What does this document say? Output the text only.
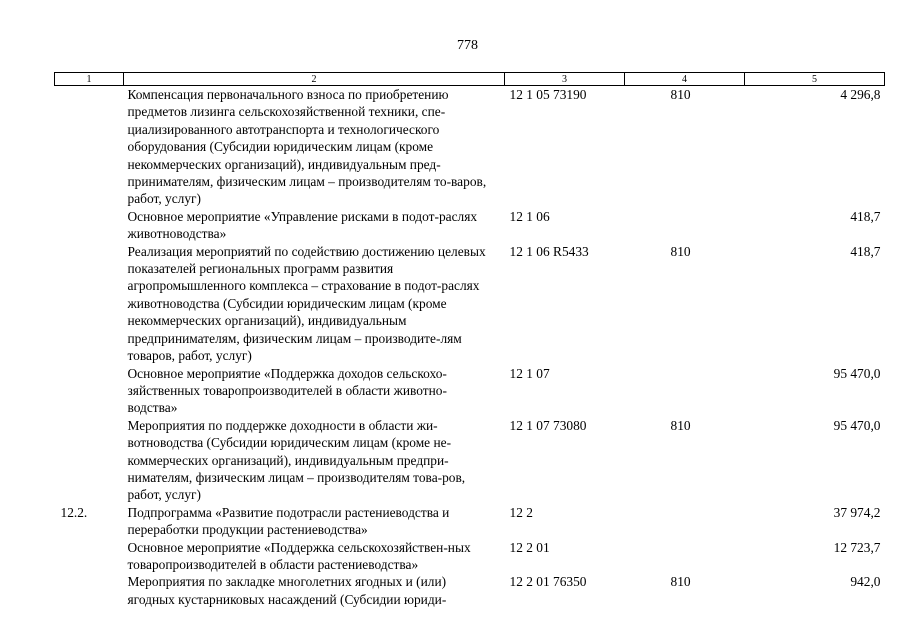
778
1	2	3	4	5
	Компенсация первоначального взноса по приобретению предметов лизинга сельскохозяйственной техники, спе-циализированного автотранспорта и технологического оборудования (Субсидии юридическим лицам (кроме некоммерческих организаций), индивидуальным пред-принимателям, физическим лицам – производителям то-варов, работ, услуг)	12 1 05 73190	810	4 296,8
	Основное мероприятие «Управление рисками в подот-раслях животноводства»	12 1 06		418,7
	Реализация мероприятий по содействию достижению целевых показателей региональных программ развития агропромышленного комплекса – страхование в подот-раслях животноводства (Субсидии юридическим лицам (кроме некоммерческих организаций), индивидуальным предпринимателям, физическим лицам – производите-лям товаров, работ, услуг)	12 1 06 R5433	810	418,7
	Основное мероприятие «Поддержка доходов сельскохо-зяйственных товаропроизводителей в области животно-водства»	12 1 07		95 470,0
	Мероприятия по поддержке доходности в области жи-вотноводства (Субсидии юридическим лицам (кроме не-коммерческих организаций), индивидуальным предпри-нимателям, физическим лицам – производителям това-ров, работ, услуг)	12 1 07 73080	810	95 470,0
12.2.	Подпрограмма «Развитие подотрасли растениеводства и переработки продукции растениеводства»	12 2		37 974,2
	Основное мероприятие «Поддержка сельскохозяйствен-ных товаропроизводителей в области растениеводства»	12 2 01		12 723,7
	Мероприятия по закладке многолетних ягодных и (или) ягодных кустарниковых насаждений (Субсидии юриди-	12 2 01 76350	810	942,0
